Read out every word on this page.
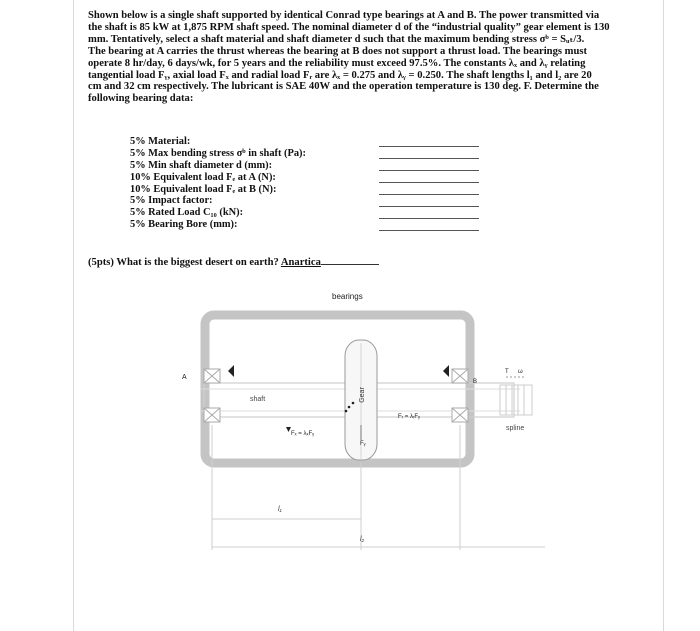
Shown below is a single shaft supported by identical Conrad type bearings at A and B. The power transmitted via

the shaft is 85 kW at 1,875 RPM shaft speed. The nominal diameter d of the “industrial quality” gear element is 130

mm. Tentatively, select a shaft material and shaft diameter d such that the maximum bending stress σᵇ = Sᵤₜ/3.

The bearing at A carries the thrust whereas the bearing at B does not support a thrust load. The bearings must

operate 8 hr/day, 6 days/wk, for 5 years and the reliability must exceed 97.5%. The constants λₓ and λᵧ relating

tangential load Fᵧ, axial load Fₓ and radial load Fᵣ are λₓ = 0.275 and λᵧ = 0.250. The shaft lengths l₁ and l₂ are 20

cm and 32 cm respectively. The lubricant is SAE 40W and the operation temperature is 130 deg. F. Determine the

following bearing data:

5% Material:
5% Max bending stress σᵇ in shaft (Pa):
5% Min shaft diameter d (mm):
10% Equivalent load Fₑ at A (N):
10% Equivalent load Fₑ at B (N):
5% Impact factor:
5% Rated Load C₁₀ (kN):
5% Bearing Bore (mm):
(5pts) What is the biggest desert on earth? Anartica
bearings
A
B
shaft	Gear
spline
T ω
Fₓ = λₓFᵧ
Fᵣ = λᵣFᵧ
Fᵧ
l₁
l₂
